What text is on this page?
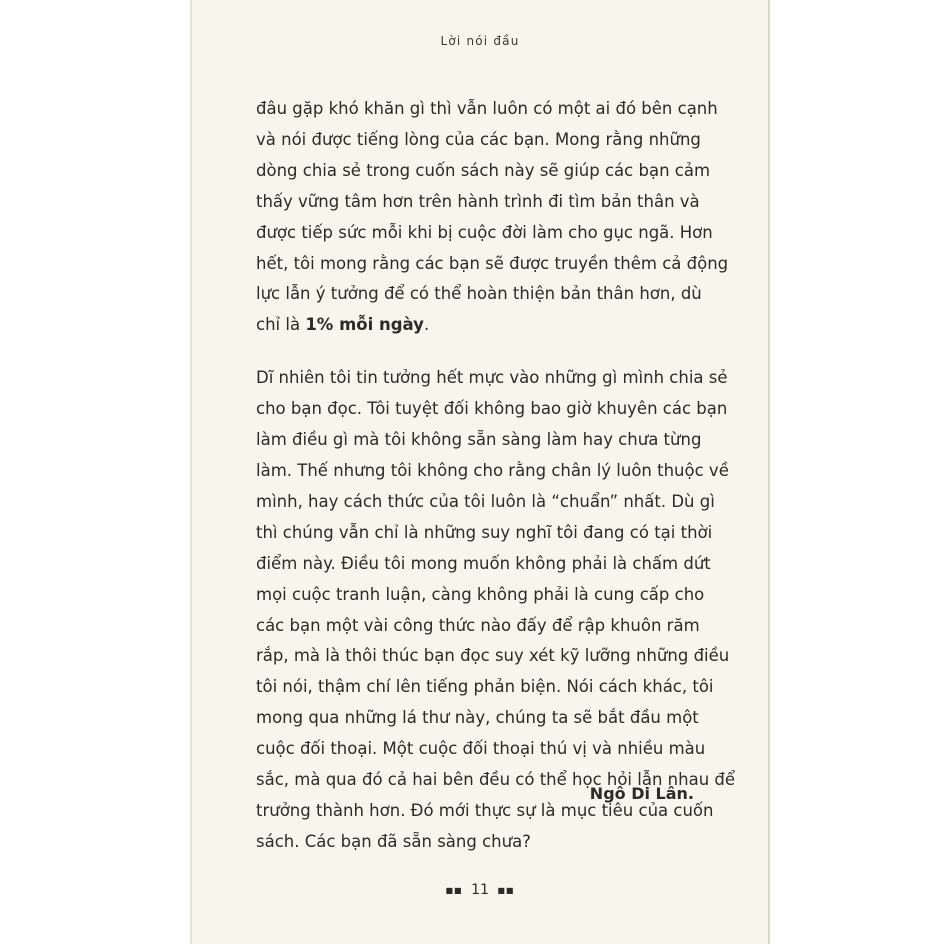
Lời nói đầu

đâu gặp khó khăn gì thì vẫn luôn có một ai đó bên cạnh
và nói được tiếng lòng của các bạn. Mong rằng những
dòng chia sẻ trong cuốn sách này sẽ giúp các bạn cảm
thấy vững tâm hơn trên hành trình đi tìm bản thân và
được tiếp sức mỗi khi bị cuộc đời làm cho gục ngã. Hơn
hết, tôi mong rằng các bạn sẽ được truyền thêm cả động
lực lẫn ý tưởng để có thể hoàn thiện bản thân hơn, dù
chỉ là 1% mỗi ngày.

Dĩ nhiên tôi tin tưởng hết mực vào những gì mình chia sẻ
cho bạn đọc. Tôi tuyệt đối không bao giờ khuyên các bạn
làm điều gì mà tôi không sẵn sàng làm hay chưa từng
làm. Thế nhưng tôi không cho rằng chân lý luôn thuộc về
mình, hay cách thức của tôi luôn là “chuẩn” nhất. Dù gì
thì chúng vẫn chỉ là những suy nghĩ tôi đang có tại thời
điểm này. Điều tôi mong muốn không phải là chấm dứt
mọi cuộc tranh luận, càng không phải là cung cấp cho
các bạn một vài công thức nào đấy để rập khuôn răm
rắp, mà là thôi thúc bạn đọc suy xét kỹ lưỡng những điều
tôi nói, thậm chí lên tiếng phản biện. Nói cách khác, tôi
mong qua những lá thư này, chúng ta sẽ bắt đầu một
cuộc đối thoại. Một cuộc đối thoại thú vị và nhiều màu
sắc, mà qua đó cả hai bên đều có thể học hỏi lẫn nhau để
trưởng thành hơn. Đó mới thực sự là mục tiêu của cuốn
sách. Các bạn đã sẵn sàng chưa?

Ngô Di Lân.
■■ 11 ■■
